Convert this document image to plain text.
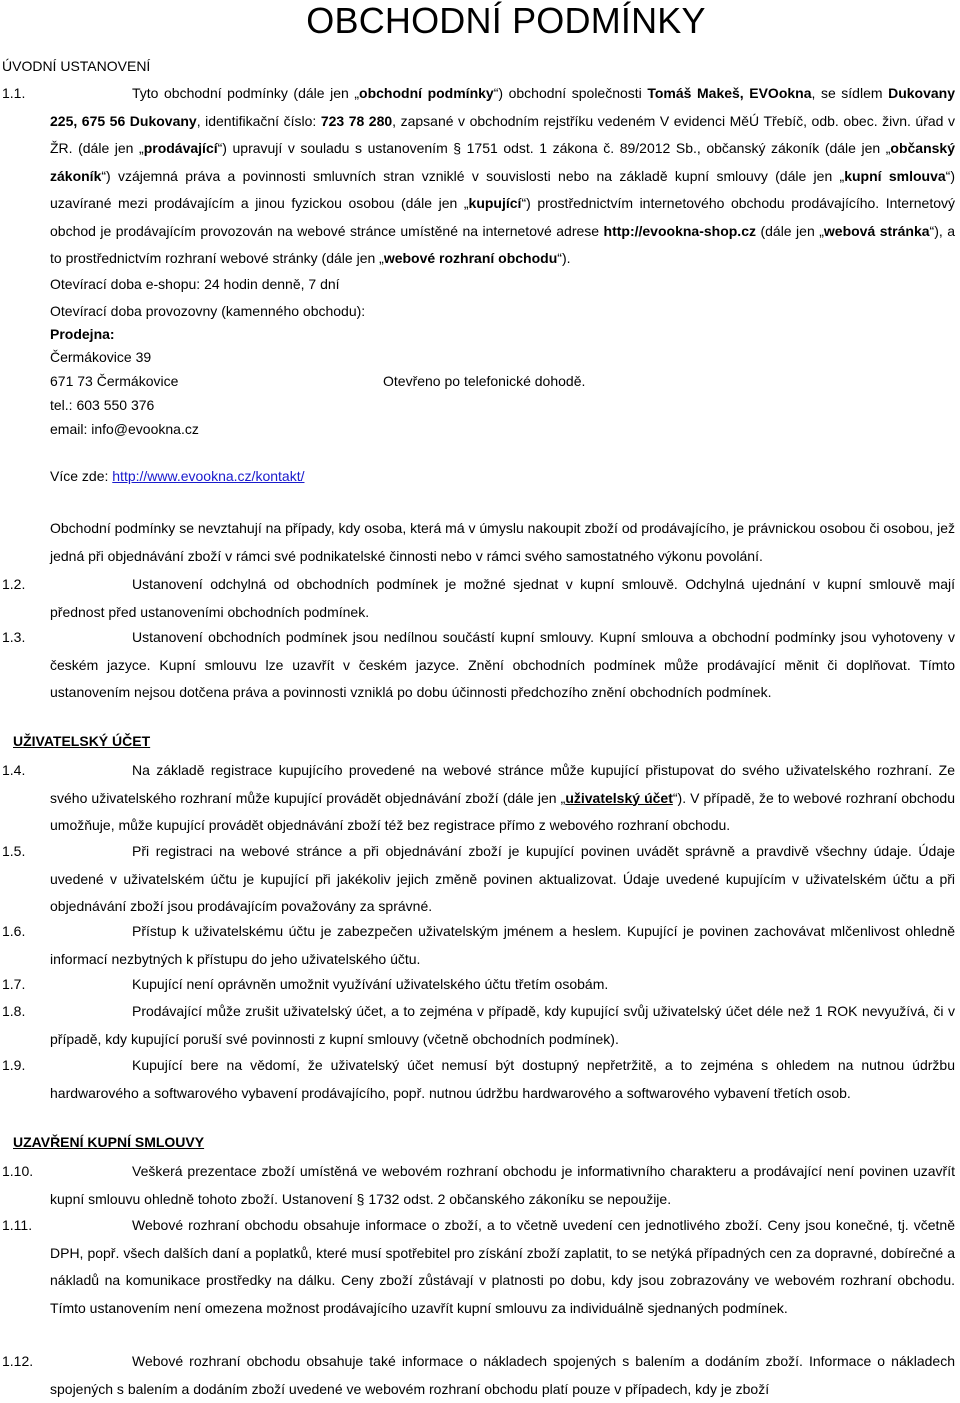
OBCHODNÍ PODMÍNKY
ÚVODNÍ USTANOVENÍ
1.1.	Tyto obchodní podmínky (dále jen „obchodní podmínky“) obchodní společnosti Tomáš Makeš, EVOokna, se sídlem Dukovany 225, 675 56 Dukovany, identifikační číslo: 723 78 280, zapsané v obchodním rejstříku vedeném V evidenci MěÚ Třebíč, odb. obec. živn. úřad v ŽR. (dále jen „prodávající“) upravují v souladu s ustanovením § 1751 odst. 1 zákona č. 89/2012 Sb., občanský zákoník (dále jen „občanský zákoník“) vzájemná práva a povinnosti smluvních stran vzniklé v souvislosti nebo na základě kupní smlouvy (dále jen „kupní smlouva“) uzavírané mezi prodávajícím a jinou fyzickou osobou (dále jen „kupující“) prostřednictvím internetového obchodu prodávajícího. Internetový obchod je prodávajícím provozován na webové stránce umístěné na internetové adrese http://evookna-shop.cz (dále jen „webová stránka“), a to prostřednictvím rozhraní webové stránky (dále jen „webové rozhraní obchodu“).

Otevírací doba e-shopu: 24 hodin denně, 7 dní
Otevírací doba provozovny (kamenného obchodu):
Prodejna:
Čermákovice 39
671 73 Čermákovice	Otevřeno po telefonické dohodě.
tel.: 603 550 376
email: info@evookna.cz
Více zde: http://www.evookna.cz/kontakt/

Obchodní podmínky se nevztahují na případy, kdy osoba, která má v úmyslu nakoupit zboží od prodávajícího, je právnickou osobou či osobou, jež jedná při objednávání zboží v rámci své podnikatelské činnosti nebo v rámci svého samostatného výkonu povolání.

1.2.	Ustanovení odchylná od obchodních podmínek je možné sjednat v kupní smlouvě. Odchylná ujednání v kupní smlouvě mají přednost před ustanoveními obchodních podmínek.

1.3.	Ustanovení obchodních podmínek jsou nedílnou součástí kupní smlouvy. Kupní smlouva a obchodní podmínky jsou vyhotoveny v českém jazyce. Kupní smlouvu lze uzavřít v českém jazyce. Znění obchodních podmínek může prodávající měnit či doplňovat. Tímto ustanovením nejsou dotčena práva a povinnosti vzniklá po dobu účinnosti předchozího znění obchodních podmínek.

UŽIVATELSKÝ ÚČET
1.4.	Na základě registrace kupujícího provedené na webové stránce může kupující přistupovat do svého uživatelského rozhraní. Ze svého uživatelského rozhraní může kupující provádět objednávání zboží (dále jen „uživatelský účet“). V případě, že to webové rozhraní obchodu umožňuje, může kupující provádět objednávání zboží též bez registrace přímo z webového rozhraní obchodu.

1.5.	Při registraci na webové stránce a při objednávání zboží je kupující povinen uvádět správně a pravdivě všechny údaje. Údaje uvedené v uživatelském účtu je kupující při jakékoliv jejich změně povinen aktualizovat. Údaje uvedené kupujícím v uživatelském účtu a při objednávání zboží jsou prodávajícím považovány za správné.

1.6.	Přístup k uživatelskému účtu je zabezpečen uživatelským jménem a heslem. Kupující je povinen zachovávat mlčenlivost ohledně informací nezbytných k přístupu do jeho uživatelského účtu.

1.7.	Kupující není oprávněn umožnit využívání uživatelského účtu třetím osobám.

1.8.	Prodávající může zrušit uživatelský účet, a to zejména v případě, kdy kupující svůj uživatelský účet déle než 1 ROK nevyužívá, či v případě, kdy kupující poruší své povinnosti z kupní smlouvy (včetně obchodních podmínek).

1.9.	Kupující bere na vědomí, že uživatelský účet nemusí být dostupný nepřetržitě, a to zejména s ohledem na nutnou údržbu hardwarového a softwarového vybavení prodávajícího, popř. nutnou údržbu hardwarového a softwarového vybavení třetích osob.

UZAVŘENÍ KUPNÍ SMLOUVY
1.10.	Veškerá prezentace zboží umístěná ve webovém rozhraní obchodu je informativního charakteru a prodávající není povinen uzavřít kupní smlouvu ohledně tohoto zboží. Ustanovení § 1732 odst. 2 občanského zákoníku se nepoužije.

1.11.	Webové rozhraní obchodu obsahuje informace o zboží, a to včetně uvedení cen jednotlivého zboží. Ceny jsou konečné, tj. včetně DPH, popř. všech dalších daní a poplatků, které musí spotřebitel pro získání zboží zaplatit, to se netýká případných cen za dopravné, dobírečné a nákladů na komunikace prostředky na dálku. Ceny zboží zůstávají v platnosti po dobu, kdy jsou zobrazovány ve webovém rozhraní obchodu. Tímto ustanovením není omezena možnost prodávajícího uzavřít kupní smlouvu za individuálně sjednaných podmínek.

1.12.	Webové rozhraní obchodu obsahuje také informace o nákladech spojených s balením a dodáním zboží. Informace o nákladech spojených s balením a dodáním zboží uvedené ve webovém rozhraní obchodu platí pouze v případech, kdy je zboží
